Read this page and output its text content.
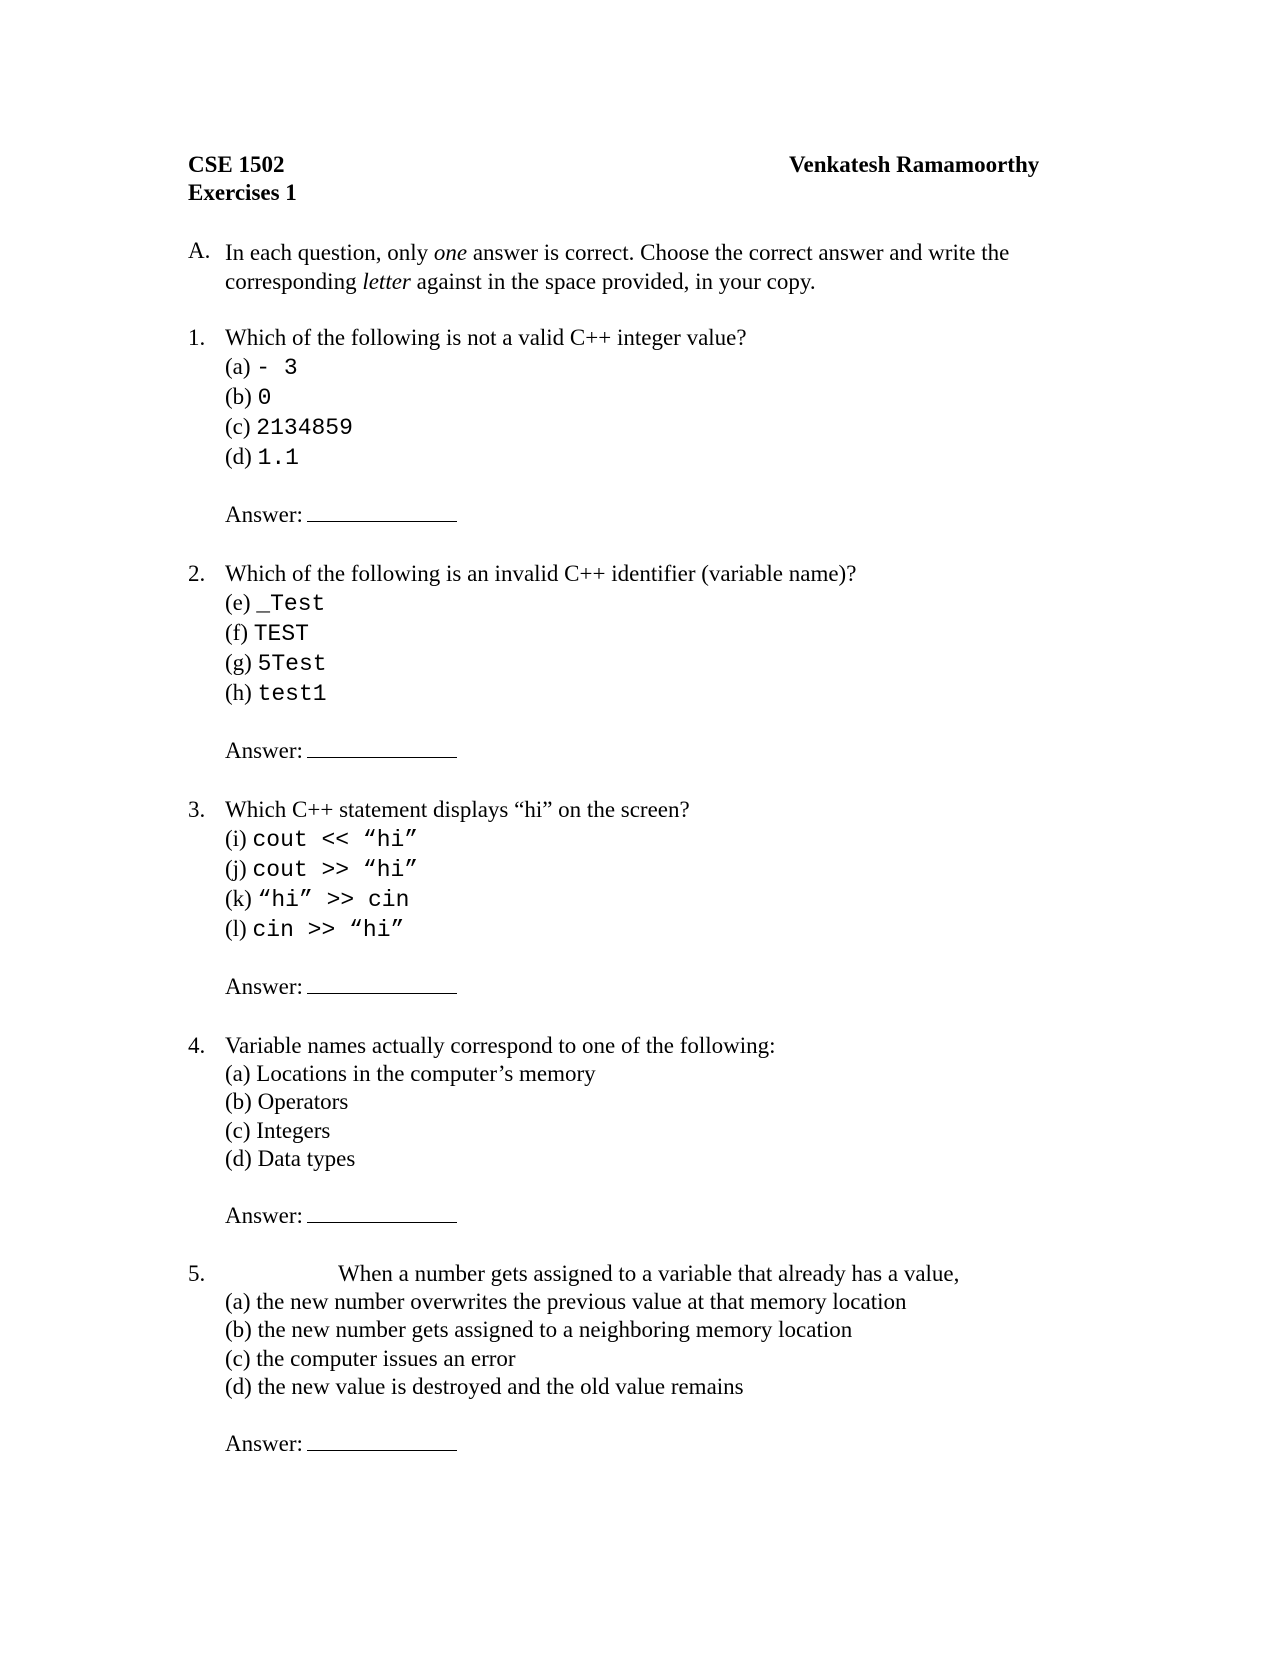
CSE 1502
Exercises 1
Venkatesh Ramamoorthy
A. In each question, only one answer is correct. Choose the correct answer and write the corresponding letter against in the space provided, in your copy.
1. Which of the following is not a valid C++ integer value?
(a) - 3
(b) 0
(c) 2134859
(d) 1.1
Answer:
2. Which of the following is an invalid C++ identifier (variable name)?
(e) _Test
(f) TEST
(g) 5Test
(h) test1
Answer:
3. Which C++ statement displays “hi” on the screen?
(i) cout << “hi”
(j) cout >> “hi”
(k) “hi” >> cin
(l) cin >> “hi”
Answer:
4. Variable names actually correspond to one of the following:
(a) Locations in the computer’s memory
(b) Operators
(c) Integers
(d) Data types
Answer:
5.	When a number gets assigned to a variable that already has a value,
(a) the new number overwrites the previous value at that memory location
(b) the new number gets assigned to a neighboring memory location
(c) the computer issues an error
(d) the new value is destroyed and the old value remains
Answer:
